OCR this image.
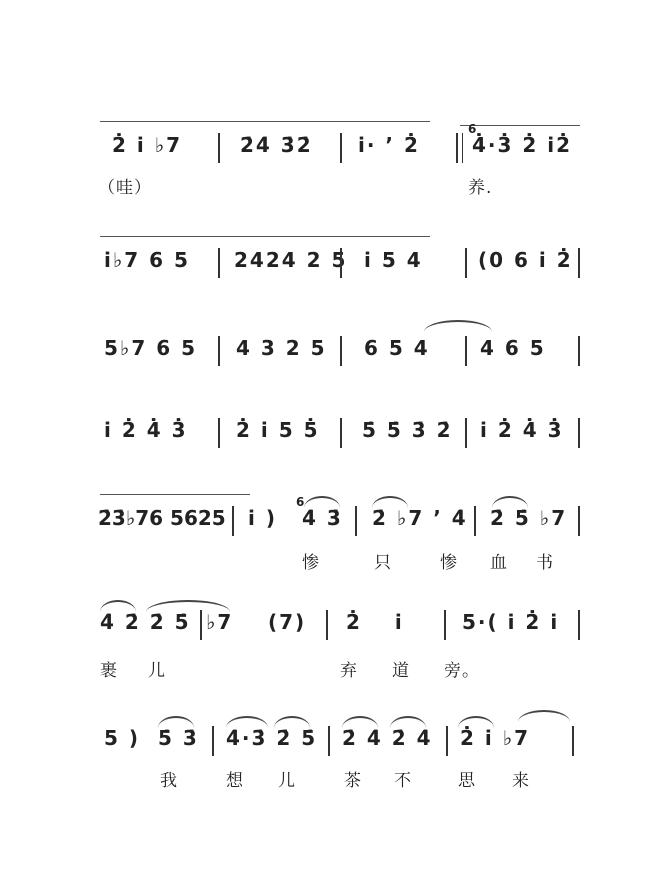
2̇ i̇ ♭7	2̇4̇ 3̇2̇ i̇· ’ 2̇
6
4̇·3̇ 2̇ i̇2̇
（哇）	养.
i̇♭7 6 5 2424 2 5 i̇ 5 4	(0 6 i̇ 2̇
5♭7 6 5 4 3 2 5 6 5 4	4 6 5
i̇ 2̇ 4̇ 3̇ 2̇ i̇ 5 5̇ 5̇ 5̇ 3̇ 2̇ i̇ 2̇ 4̇ 3̇
2̇3̇♭76 5625 i̇ )
6
4̇ 3̇ 2̇ ♭7 ’ 4̇ 2̇ 5̇ ♭7
惨	只	惨 血 书
4̇ 2̇ 2̇ 5̇ ♭7 (7) 2̇ i̇ 5·( i̇ 2̇ i̇
裹 儿	弃 道 旁。
5 ) 5̇ 3̇ 4̇·3̇ 2̇ 5̇ 2̇ 4̇ 2̇ 4̇ 2̇ i̇ ♭7
我	想 儿	茶 不	思 来
